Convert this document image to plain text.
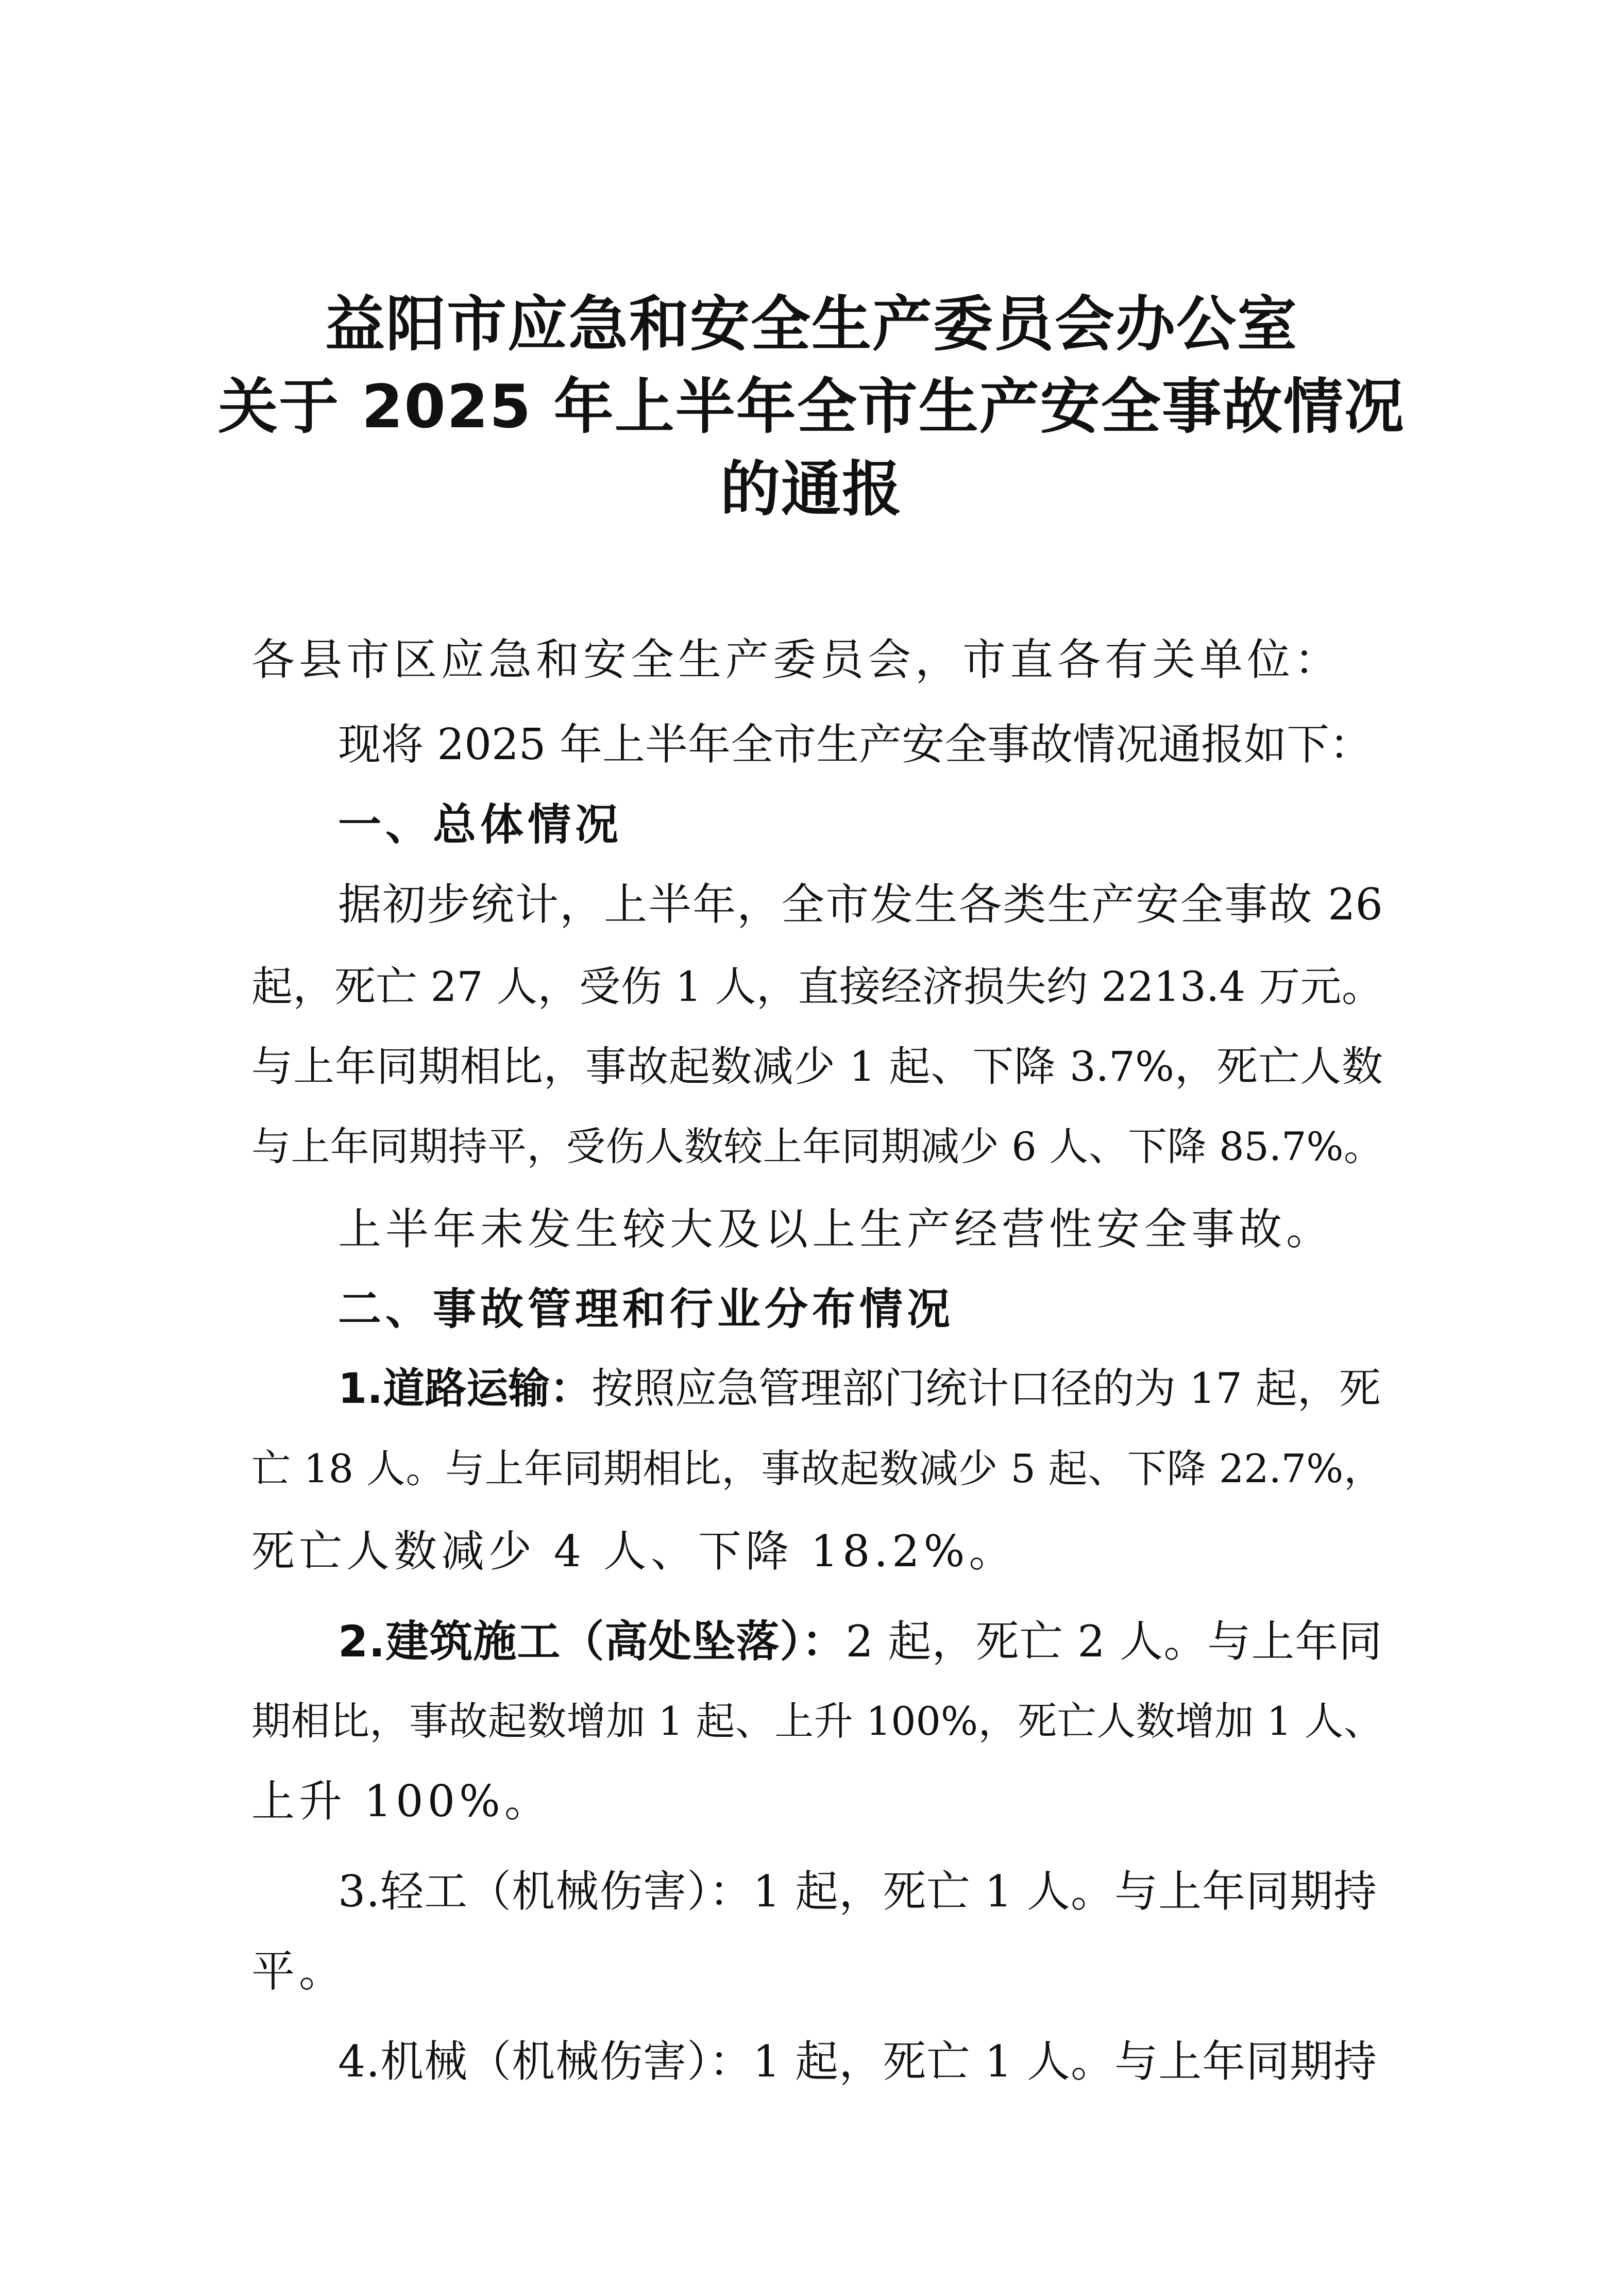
益阳市应急和安全生产委员会办公室
关于 2025 年上半年全市生产安全事故情况
的通报
各县市区应急和安全生产委员会，市直各有关单位：
现将 2025 年上半年全市生产安全事故情况通报如下：
一、总体情况
据初步统计，上半年，全市发生各类生产安全事故 26
起，死亡 27 人，受伤 1 人，直接经济损失约 2213.4 万元。
与上年同期相比，事故起数减少 1 起、下降 3.7%，死亡人数
与上年同期持平，受伤人数较上年同期减少 6 人、下降 85.7%。
上半年未发生较大及以上生产经营性安全事故。
二、事故管理和行业分布情况
1.道路运输：按照应急管理部门统计口径的为 17 起，死
亡 18 人。与上年同期相比，事故起数减少 5 起、下降 22.7%，
死亡人数减少 4 人、下降 18.2%。
2.建筑施工（高处坠落）：2 起，死亡 2 人。与上年同
期相比，事故起数增加 1 起、上升 100%，死亡人数增加 1 人、
上升 100%。
3.轻工（机械伤害）：1 起，死亡 1 人。与上年同期持
平。
4.机械（机械伤害）：1 起，死亡 1 人。与上年同期持
